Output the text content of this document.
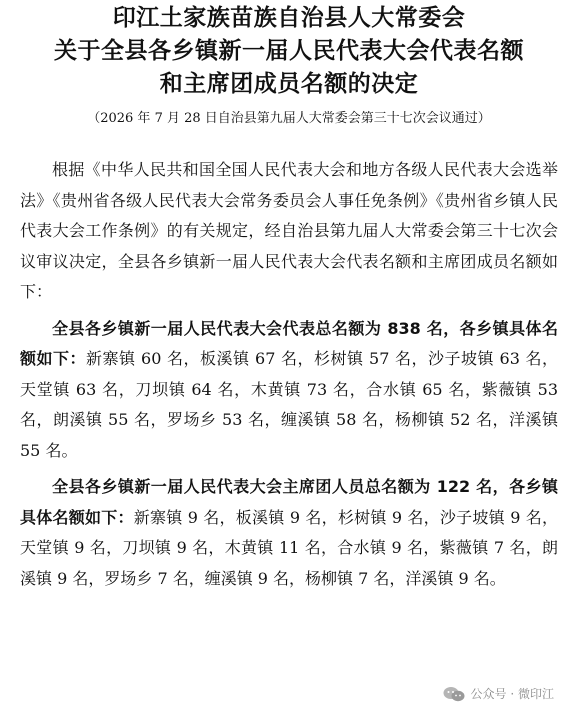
印江土家族苗族自治县人大常委会
关于全县各乡镇新一届人民代表大会代表名额
和主席团成员名额的决定
（2026 年 7 月 28 日自治县第九届人大常委会第三十七次会议通过）

根据《中华人民共和国全国人民代表大会和地方各级人民代表大会选举法》《贵州省各级人民代表大会常务委员会人事任免条例》《贵州省乡镇人民代表大会工作条例》的有关规定，经自治县第九届人大常委会第三十七次会议审议决定，全县各乡镇新一届人民代表大会代表名额和主席团成员名额如下：

全县各乡镇新一届人民代表大会代表总名额为 838 名，各乡镇具体名额如下：新寨镇 60 名，板溪镇 67 名，杉树镇 57 名，沙子坡镇 63 名，天堂镇 63 名，刀坝镇 64 名，木黄镇 73 名，合水镇 65 名，紫薇镇 53 名，朗溪镇 55 名，罗场乡 53 名，缠溪镇 58 名，杨柳镇 52 名，洋溪镇 55 名。

全县各乡镇新一届人民代表大会主席团人员总名额为 122 名，各乡镇具体名额如下：新寨镇 9 名，板溪镇 9 名，杉树镇 9 名，沙子坡镇 9 名，天堂镇 9 名，刀坝镇 9 名，木黄镇 11 名，合水镇 9 名，紫薇镇 7 名，朗溪镇 9 名，罗场乡 7 名，缠溪镇 9 名，杨柳镇 7 名，洋溪镇 9 名。

公众号 · 微印江
